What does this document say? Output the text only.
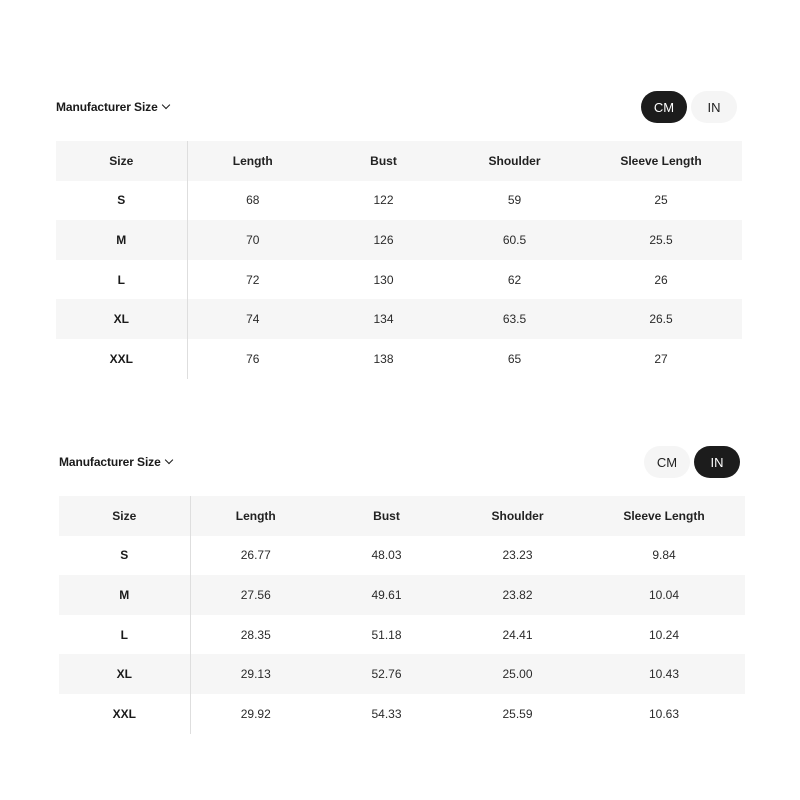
Manufacturer Size	CM	IN
Size	Length	Bust	Shoulder	Sleeve Length
S	68	122	59	25
M	70	126	60.5	25.5
L	72	130	62	26
XL	74	134	63.5	26.5
XXL	76	138	65	27
Manufacturer Size	CM	IN
Size	Length	Bust	Shoulder	Sleeve Length
S	26.77	48.03	23.23	9.84
M	27.56	49.61	23.82	10.04
L	28.35	51.18	24.41	10.24
XL	29.13	52.76	25.00	10.43
XXL	29.92	54.33	25.59	10.63
